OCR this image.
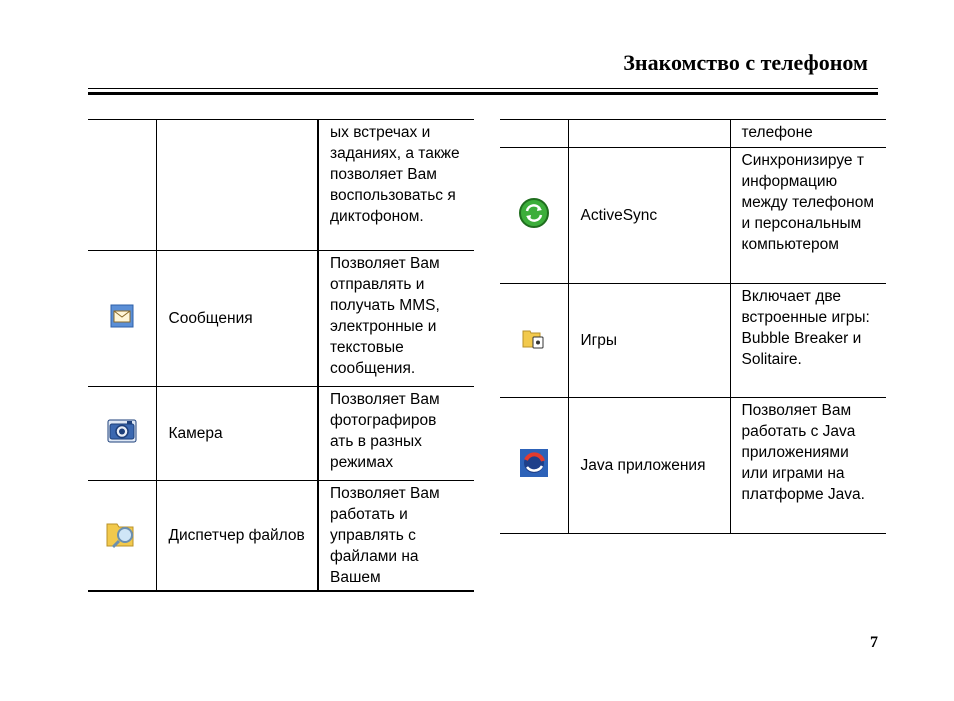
Знакомство с телефоном
		ых встречах и заданиях, а также позволяет Вам воспользоватьс я диктофоном.
	Сообщения	Позволяет Вам отправлять и получать MMS, электронные и текстовые сообщения.
	Камера	Позволяет Вам фотографиров ать в разных режимах
	Диспетчер файлов	Позволяет Вам работать и управлять с файлами на Вашем
		телефоне
	ActiveSync	Синхронизируе т информацию между телефоном и персональным компьютером
	Игры	Включает две встроенные игры: Bubble Breaker и Solitaire.
	Java приложения	Позволяет Вам работать с Java приложениями или играми на платформе Java.
7
